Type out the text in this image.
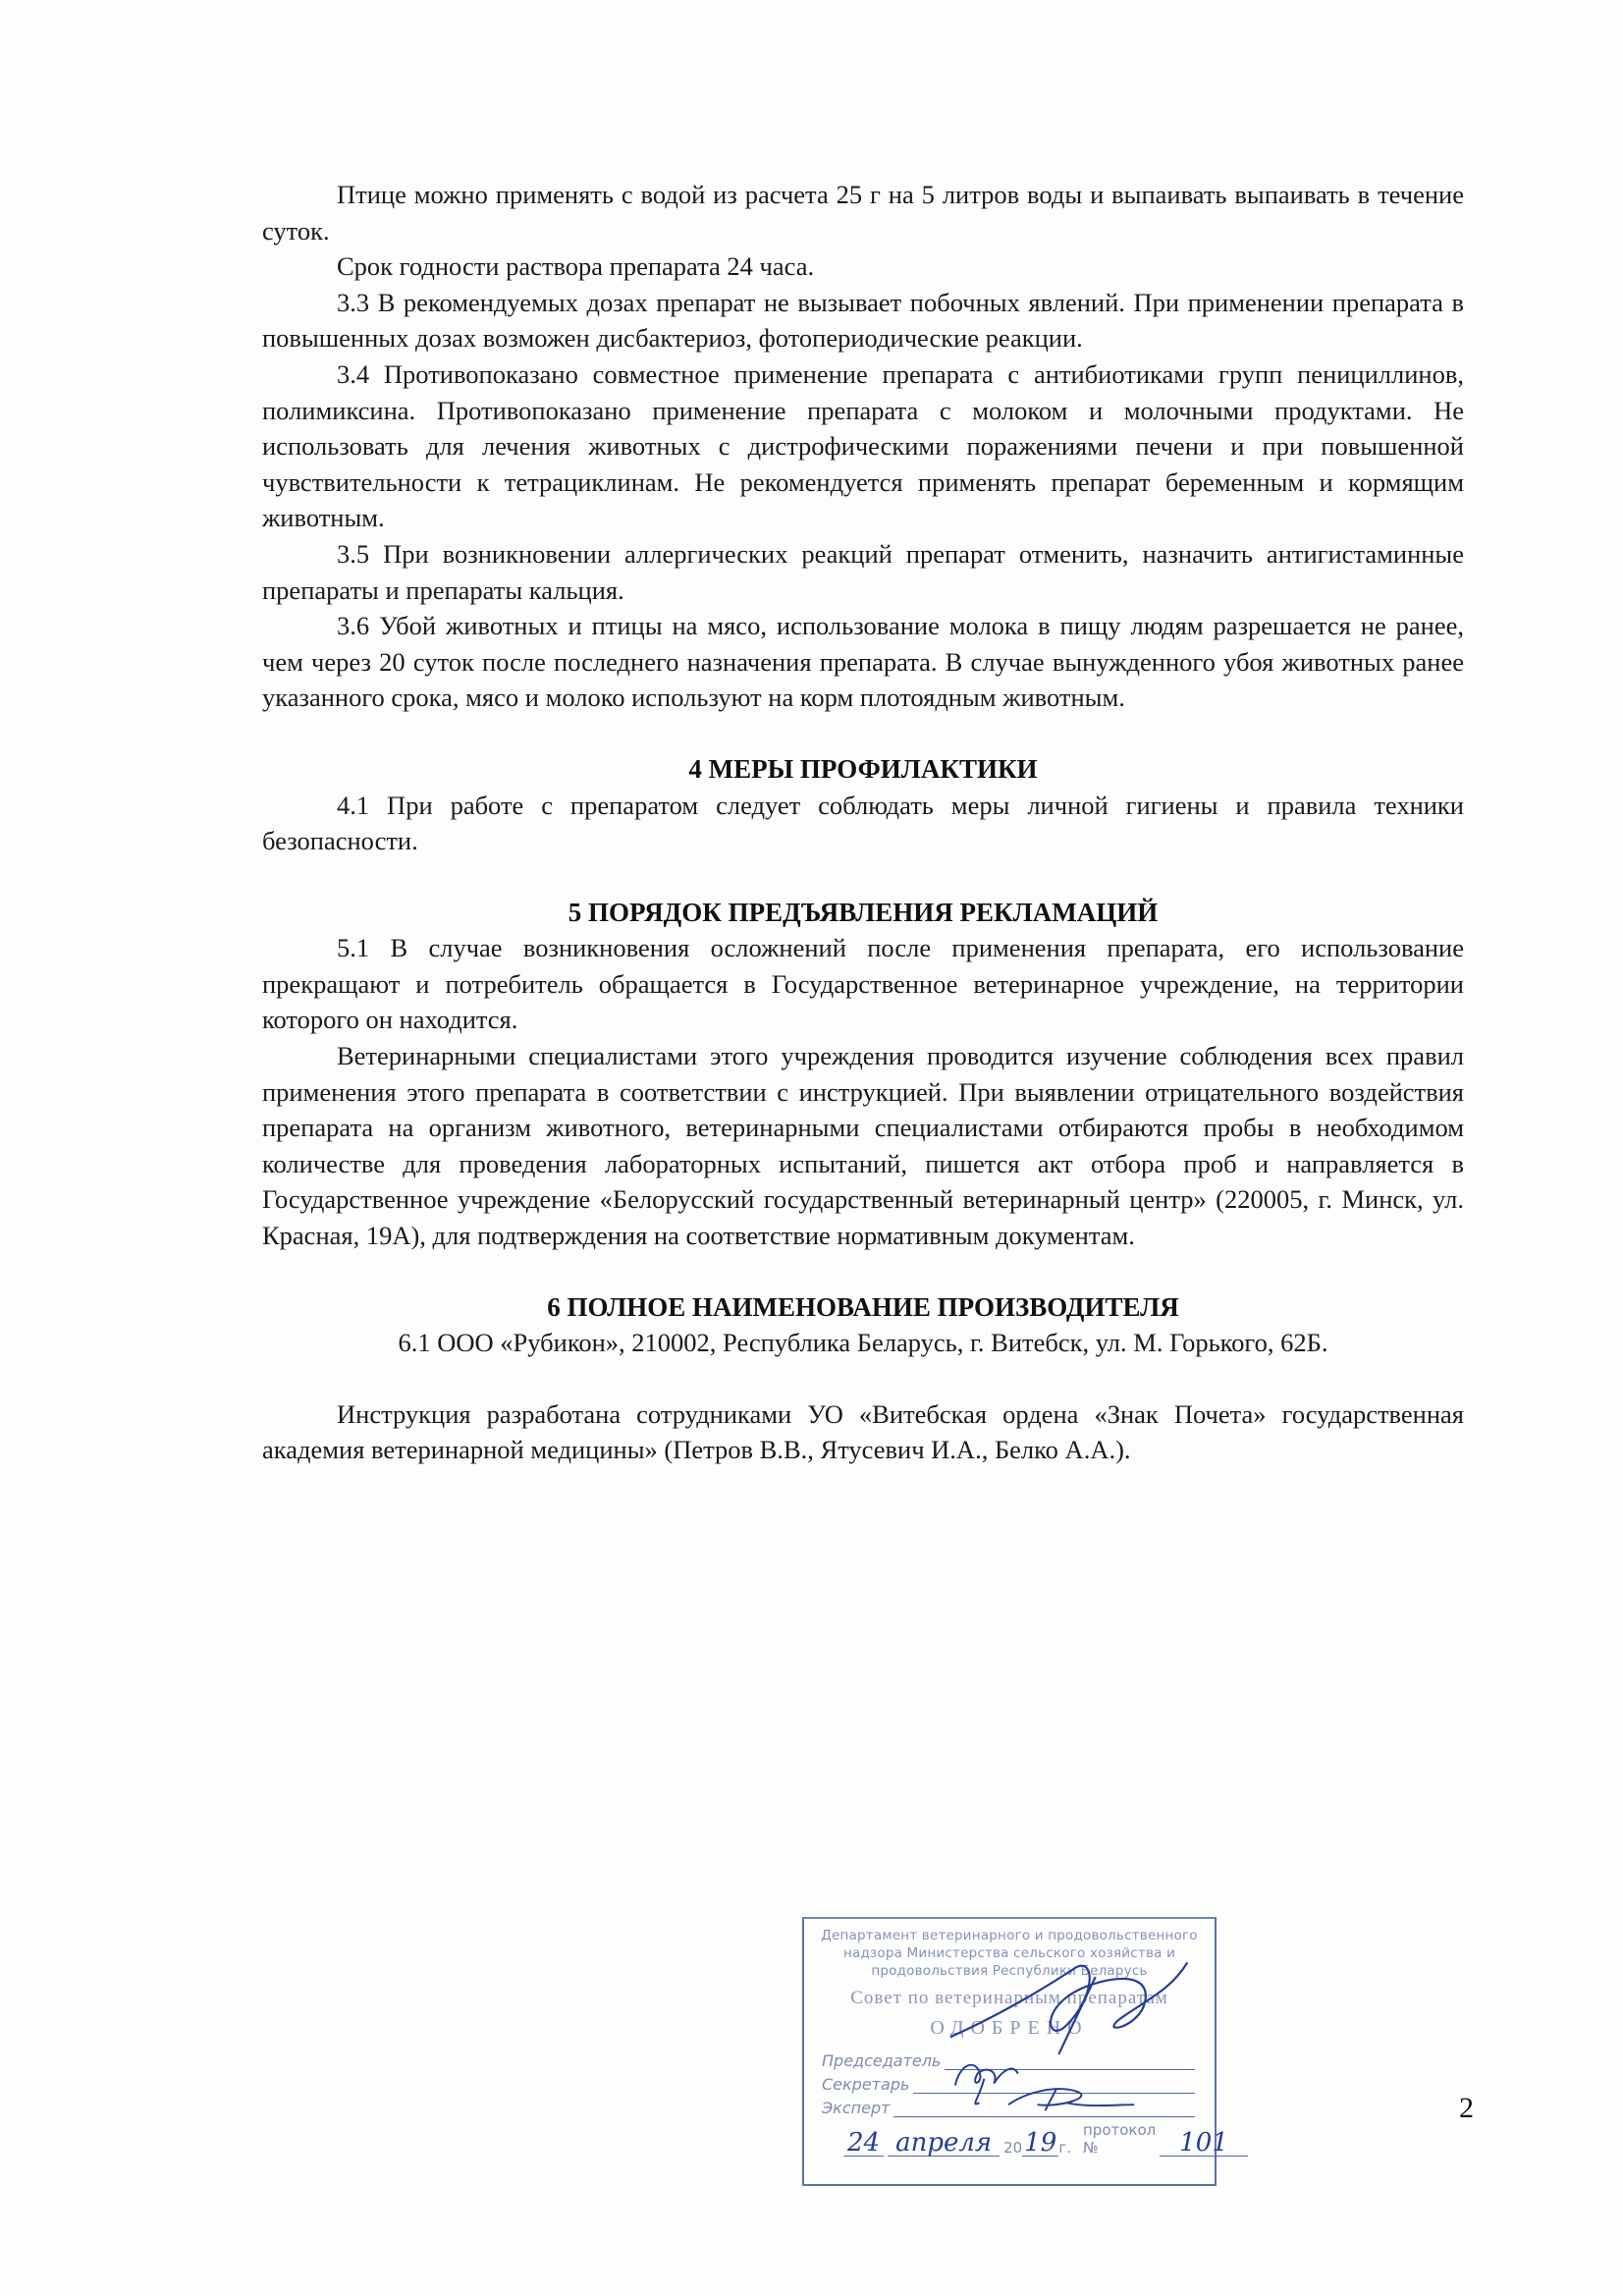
Птице можно применять с водой из расчета 25 г на 5 литров воды и выпаивать выпаивать в течение суток.

Срок годности раствора препарата 24 часа.

3.3 В рекомендуемых дозах препарат не вызывает побочных явлений. При применении препарата в повышенных дозах возможен дисбактериоз, фотопериодические реакции.

3.4 Противопоказано совместное применение препарата с антибиотиками групп пенициллинов, полимиксина. Противопоказано применение препарата с молоком и молочными продуктами. Не использовать для лечения животных с дистрофическими поражениями печени и при повышенной чувствительности к тетрациклинам. Не рекомендуется применять препарат беременным и кормящим животным.

3.5 При возникновении аллергических реакций препарат отменить, назначить антигистаминные препараты и препараты кальция.

3.6 Убой животных и птицы на мясо, использование молока в пищу людям разрешается не ранее, чем через 20 суток после последнего назначения препарата. В случае вынужденного убоя животных ранее указанного срока, мясо и молоко используют на корм плотоядным животным.

4 МЕРЫ ПРОФИЛАКТИКИ

4.1 При работе с препаратом следует соблюдать меры личной гигиены и правила техники безопасности.

5 ПОРЯДОК ПРЕДЪЯВЛЕНИЯ РЕКЛАМАЦИЙ

5.1 В случае возникновения осложнений после применения препарата, его использование прекращают и потребитель обращается в Государственное ветеринарное учреждение, на территории которого он находится.

Ветеринарными специалистами этого учреждения проводится изучение соблюдения всех правил применения этого препарата в соответствии с инструкцией. При выявлении отрицательного воздействия препарата на организм животного, ветеринарными специалистами отбираются пробы в необходимом количестве для проведения лабораторных испытаний, пишется акт отбора проб и направляется в Государственное учреждение «Белорусский государственный ветеринарный центр» (220005, г. Минск, ул. Красная, 19А), для подтверждения на соответствие нормативным документам.

6 ПОЛНОЕ НАИМЕНОВАНИЕ ПРОИЗВОДИТЕЛЯ

6.1 ООО «Рубикон», 210002, Республика Беларусь, г. Витебск, ул. М. Горького, 62Б.

Инструкция разработана сотрудниками УО «Витебская ордена «Знак Почета» государственная академия ветеринарной медицины» (Петров В.В., Ятусевич И.А., Белко А.А.).

Департамент ветеринарного и продовольственного
надзора Министерства сельского хозяйства и
продовольствия Республики Беларусь
Совет по ветеринарным препаратам
ОДОБРЕНО
Председатель
Секретарь
Эксперт
24 апреля 20 19 г.
протокол №	101
2
